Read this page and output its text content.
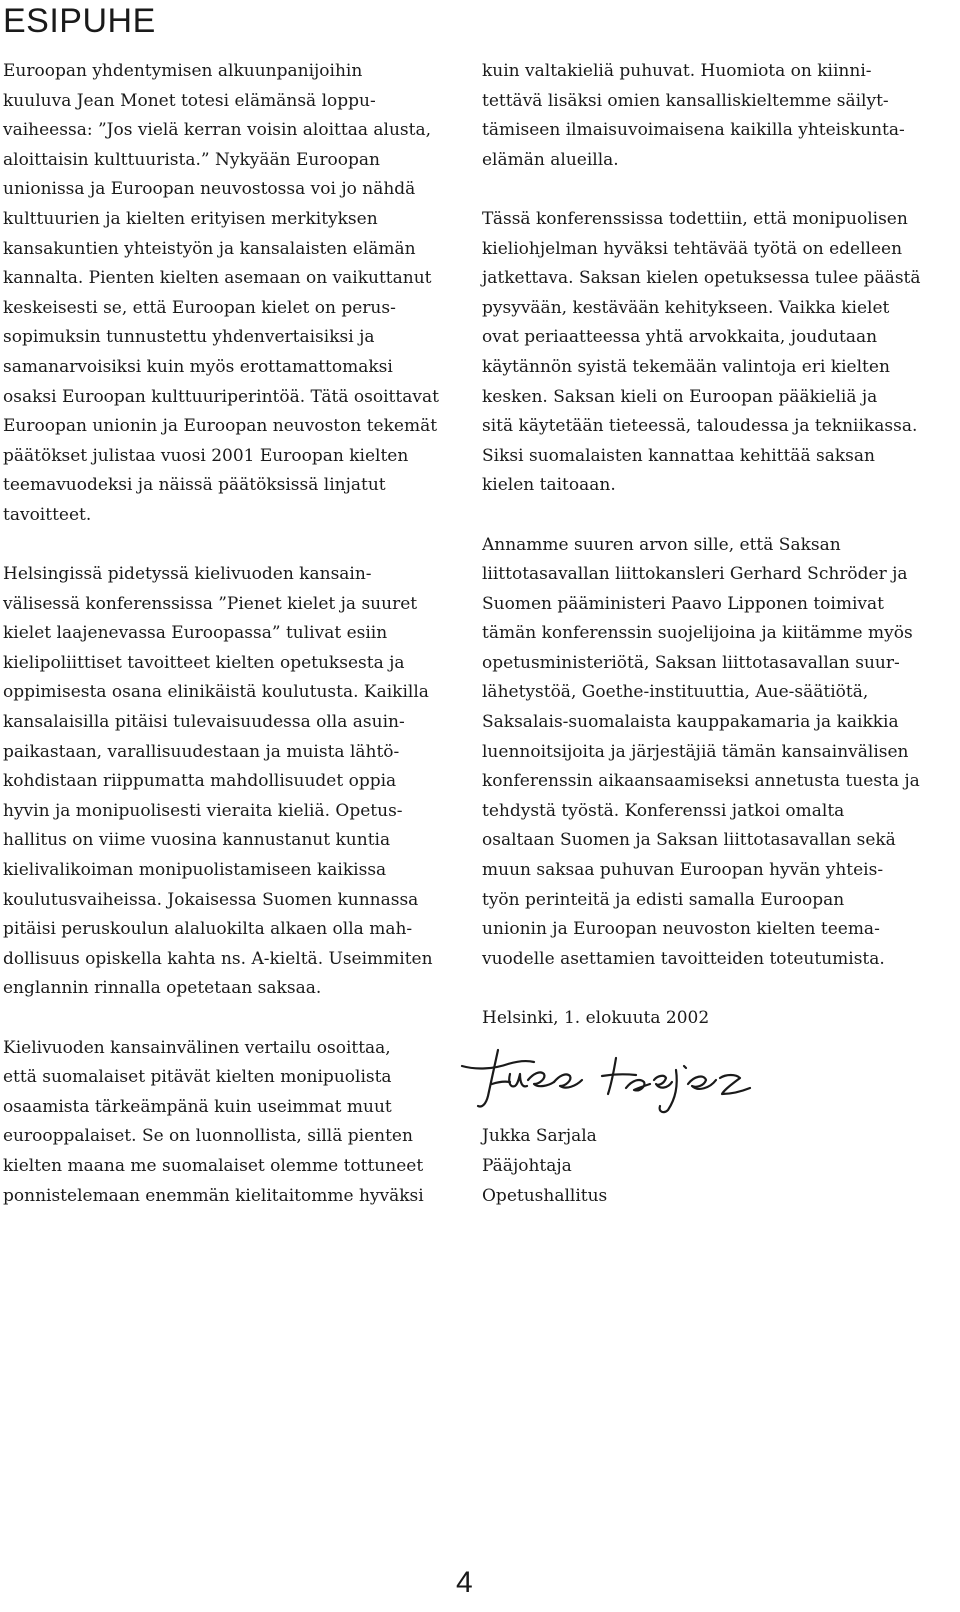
ESIPUHE

Euroopan yhdentymisen alkuunpanijoihin
kuuluva Jean Monet totesi elämänsä loppu-
vaiheessa: ”Jos vielä kerran voisin aloittaa alusta,
aloittaisin kulttuurista.” Nykyään Euroopan
unionissa ja Euroopan neuvostossa voi jo nähdä
kulttuurien ja kielten erityisen merkityksen
kansakuntien yhteistyön ja kansalaisten elämän
kannalta. Pienten kielten asemaan on vaikuttanut
keskeisesti se, että Euroopan kielet on perus-
sopimuksin tunnustettu yhdenvertaisiksi ja
samanarvoisiksi kuin myös erottamattomaksi
osaksi Euroopan kulttuuriperintöä. Tätä osoittavat
Euroopan unionin ja Euroopan neuvoston tekemät
päätökset julistaa vuosi 2001 Euroopan kielten
teemavuodeksi ja näissä päätöksissä linjatut
tavoitteet.

Helsingissä pidetyssä kielivuoden kansain-
välisessä konferenssissa ”Pienet kielet ja suuret
kielet laajenevassa Euroopassa” tulivat esiin
kielipoliittiset tavoitteet kielten opetuksesta ja
oppimisesta osana elinikäistä koulutusta. Kaikilla
kansalaisilla pitäisi tulevaisuudessa olla asuin-
paikastaan, varallisuudestaan ja muista lähtö-
kohdistaan riippumatta mahdollisuudet oppia
hyvin ja monipuolisesti vieraita kieliä. Opetus-
hallitus on viime vuosina kannustanut kuntia
kielivalikoiman monipuolistamiseen kaikissa
koulutusvaiheissa. Jokaisessa Suomen kunnassa
pitäisi peruskoulun alaluokilta alkaen olla mah-
dollisuus opiskella kahta ns. A-kieltä. Useimmiten
englannin rinnalla opetetaan saksaa.

Kielivuoden kansainvälinen vertailu osoittaa,
että suomalaiset pitävät kielten monipuolista
osaamista tärkeämpänä kuin useimmat muut
eurooppalaiset. Se on luonnollista, sillä pienten
kielten maana me suomalaiset olemme tottuneet
ponnistelemaan enemmän kielitaitomme hyväksi

kuin valtakieliä puhuvat. Huomiota on kiinni-
tettävä lisäksi omien kansalliskieltemme säilyt-
tämiseen ilmaisuvoimaisena kaikilla yhteiskunta-
elämän alueilla.

Tässä konferenssissa todettiin, että monipuolisen
kieliohjelman hyväksi tehtävää työtä on edelleen
jatkettava. Saksan kielen opetuksessa tulee päästä
pysyvään, kestävään kehitykseen. Vaikka kielet
ovat periaatteessa yhtä arvokkaita, joudutaan
käytännön syistä tekemään valintoja eri kielten
kesken. Saksan kieli on Euroopan pääkieliä ja
sitä käytetään tieteessä, taloudessa ja tekniikassa.
Siksi suomalaisten kannattaa kehittää saksan
kielen taitoaan.

Annamme suuren arvon sille, että Saksan
liittotasavallan liittokansleri Gerhard Schröder ja
Suomen pääministeri Paavo Lipponen toimivat
tämän konferenssin suojelijoina ja kiitämme myös
opetusministeriötä, Saksan liittotasavallan suur-
lähetystöä, Goethe-instituuttia, Aue-säätiötä,
Saksalais-suomalaista kauppakamaria ja kaikkia
luennoitsijoita ja järjestäjiä tämän kansainvälisen
konferenssin aikaansaamiseksi annetusta tuesta ja
tehdystä työstä. Konferenssi jatkoi omalta
osaltaan Suomen ja Saksan liittotasavallan sekä
muun saksaa puhuvan Euroopan hyvän yhteis-
työn perinteitä ja edisti samalla Euroopan
unionin ja Euroopan neuvoston kielten teema-
vuodelle asettamien tavoitteiden toteutumista.

Helsinki, 1. elokuuta 2002

Jukka Sarjala
Pääjohtaja
Opetushallitus

4
